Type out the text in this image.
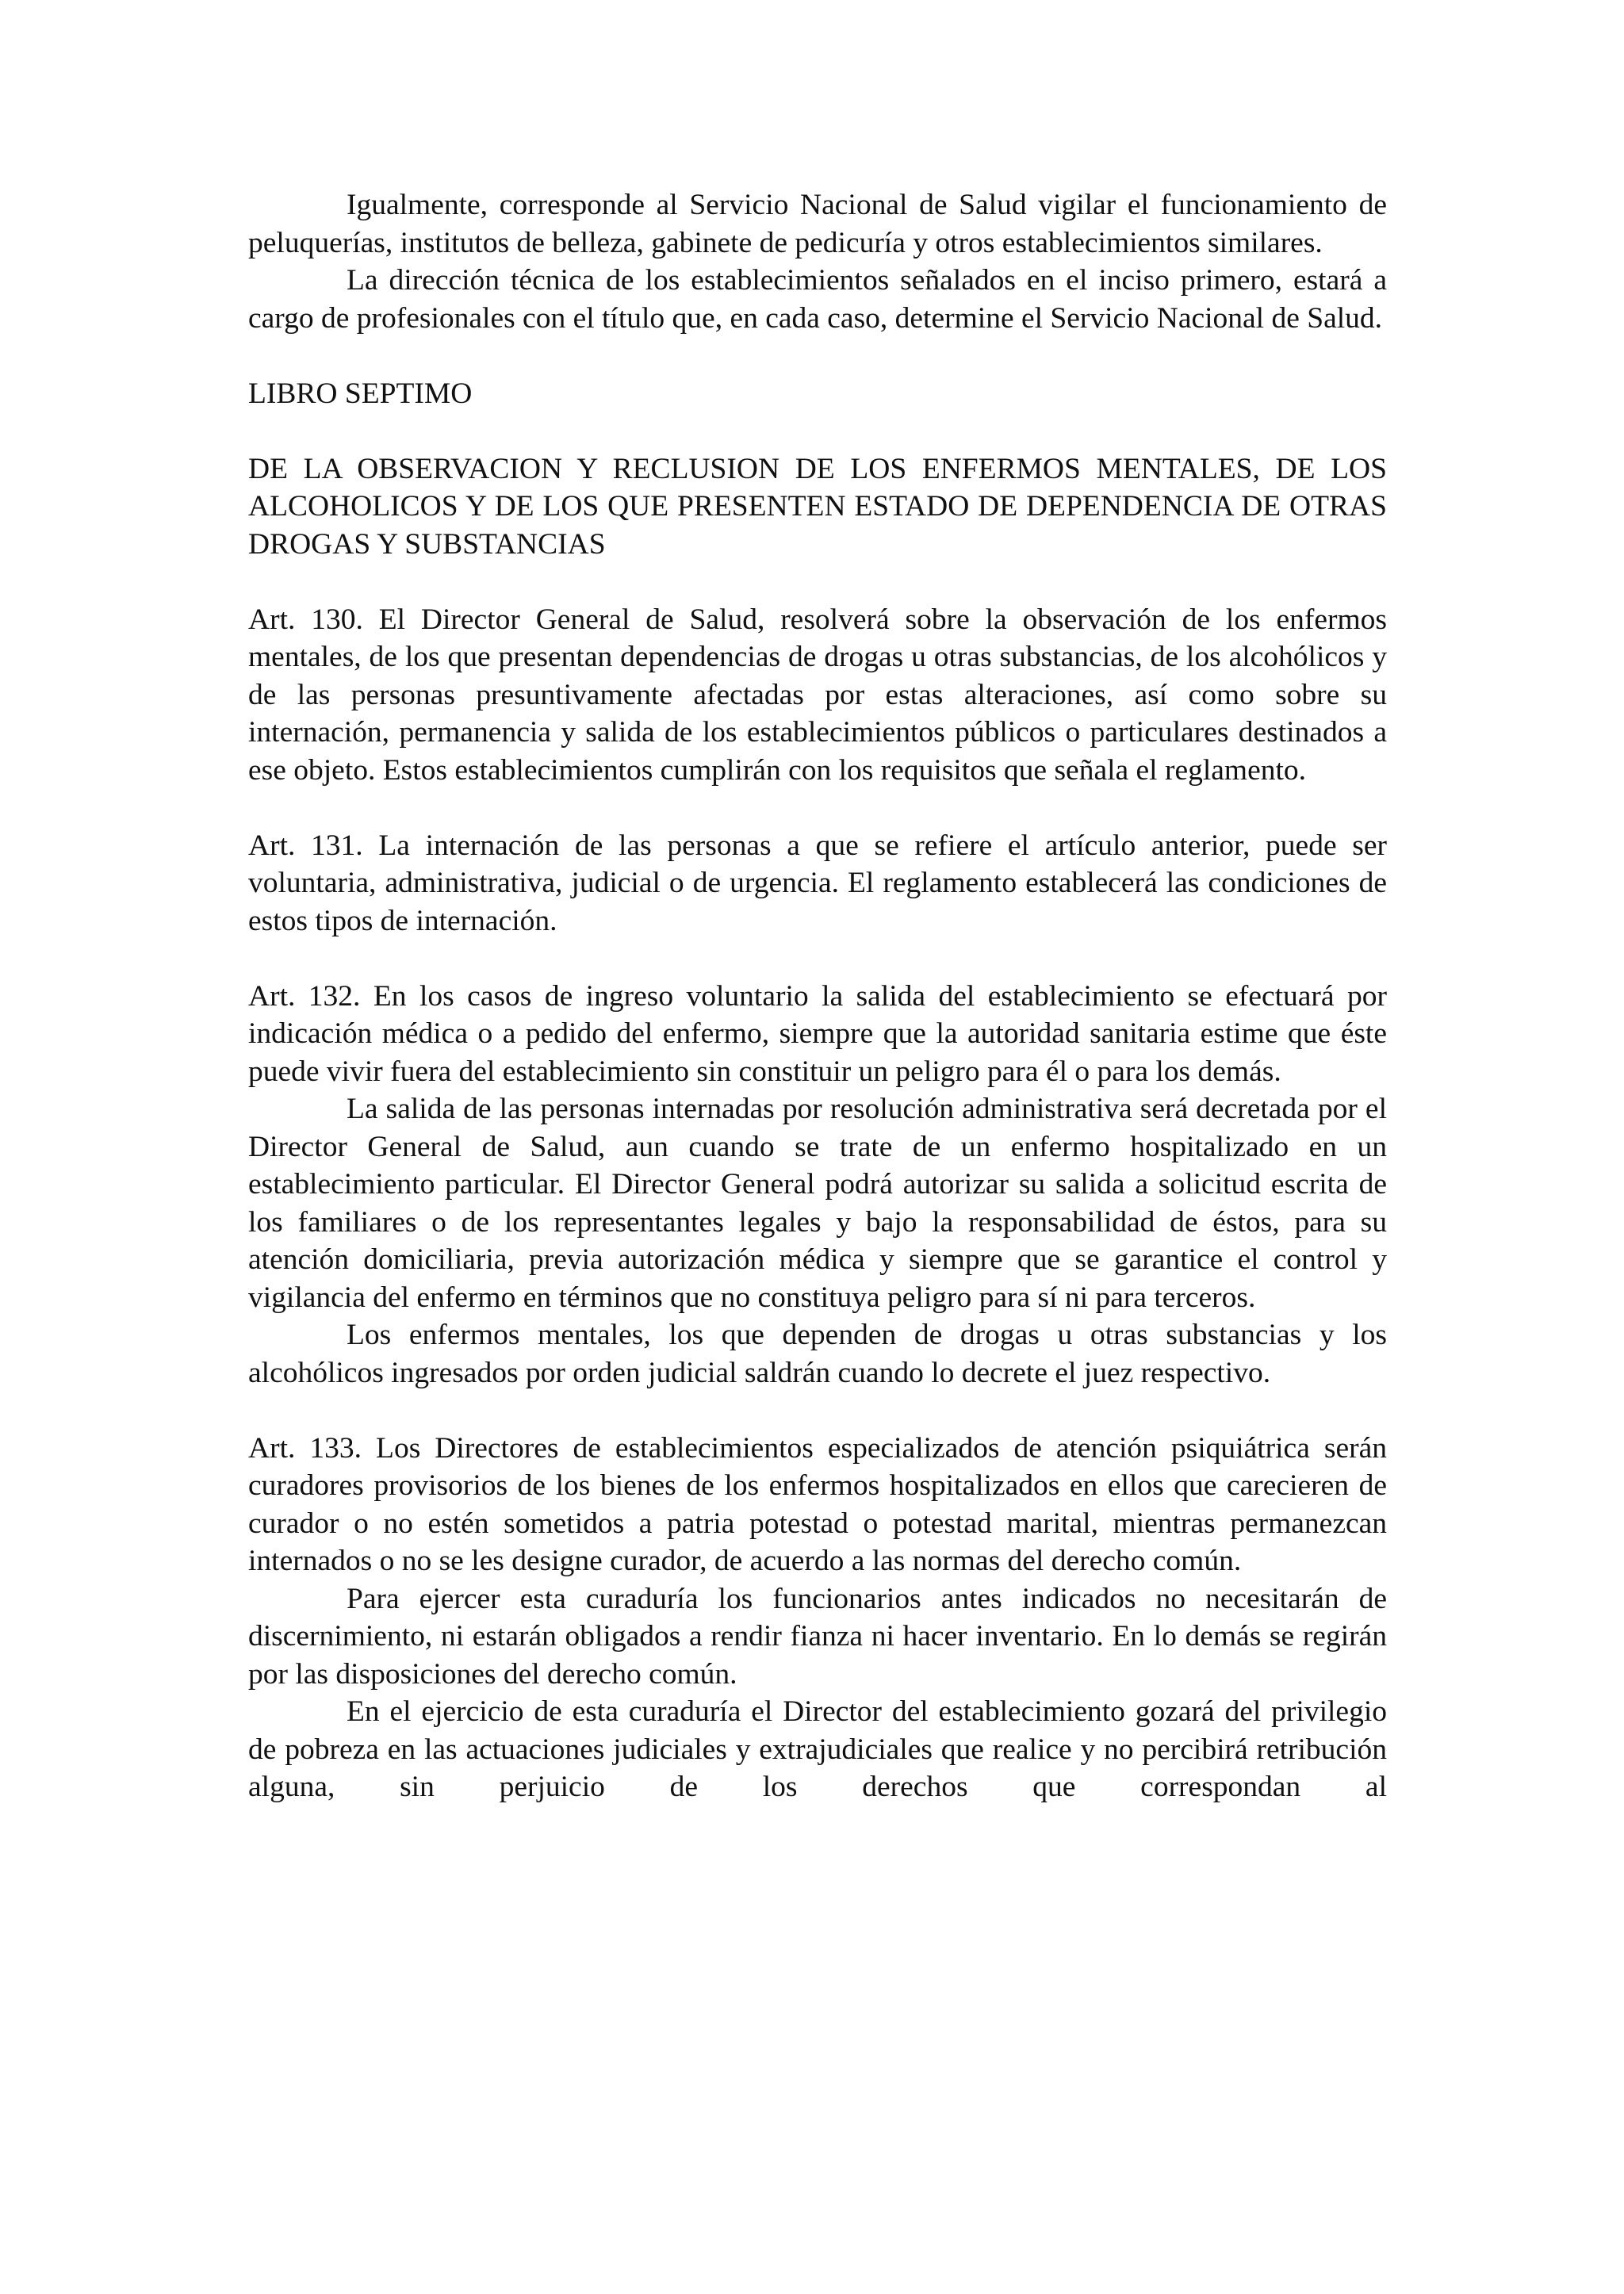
Igualmente, corresponde al Servicio Nacional de Salud vigilar el funcionamiento de peluquerías, institutos de belleza, gabinete de pedicuría y otros establecimientos similares.

La dirección técnica de los establecimientos señalados en el inciso primero, estará a cargo de profesionales con el título que, en cada caso, determine el Servicio Nacional de Salud.

LIBRO SEPTIMO

DE LA OBSERVACION Y RECLUSION DE LOS ENFERMOS MENTALES, DE LOS ALCOHOLICOS Y DE LOS QUE PRESENTEN ESTADO DE DEPENDENCIA DE OTRAS DROGAS Y SUBSTANCIAS

Art. 130. El Director General de Salud, resolverá sobre la observación de los enfermos mentales, de los que presentan dependencias de drogas u otras substancias, de los alcohólicos y de las personas presuntivamente afectadas por estas alteraciones, así como sobre su internación, permanencia y salida de los establecimientos públicos o particulares destinados a ese objeto. Estos establecimientos cumplirán con los requisitos que señala el reglamento.

Art. 131. La internación de las personas a que se refiere el artículo anterior, puede ser voluntaria, administrativa, judicial o de urgencia. El reglamento establecerá las condiciones de estos tipos de internación.

Art. 132. En los casos de ingreso voluntario la salida del establecimiento se efectuará por indicación médica o a pedido del enfermo, siempre que la autoridad sanitaria estime que éste puede vivir fuera del establecimiento sin constituir un peligro para él o para los demás.

La salida de las personas internadas por resolución administrativa será decretada por el Director General de Salud, aun cuando se trate de un enfermo hospitalizado en un establecimiento particular. El Director General podrá autorizar su salida a solicitud escrita de los familiares o de los representantes legales y bajo la responsabilidad de éstos, para su atención domiciliaria, previa autorización médica y siempre que se garantice el control y vigilancia del enfermo en términos que no constituya peligro para sí ni para terceros.

Los enfermos mentales, los que dependen de drogas u otras substancias y los alcohólicos ingresados por orden judicial saldrán cuando lo decrete el juez respectivo.

Art. 133. Los Directores de establecimientos especializados de atención psiquiátrica serán curadores provisorios de los bienes de los enfermos hospitalizados en ellos que carecieren de curador o no estén sometidos a patria potestad o potestad marital, mientras permanezcan internados o no se les designe curador, de acuerdo a las normas del derecho común.

Para ejercer esta curaduría los funcionarios antes indicados no necesitarán de discernimiento, ni estarán obligados a rendir fianza ni hacer inventario. En lo demás se regirán por las disposiciones del derecho común.

En el ejercicio de esta curaduría el Director del establecimiento gozará del privilegio de pobreza en las actuaciones judiciales y extrajudiciales que realice y no percibirá retribución alguna, sin perjuicio de los derechos que correspondan al
